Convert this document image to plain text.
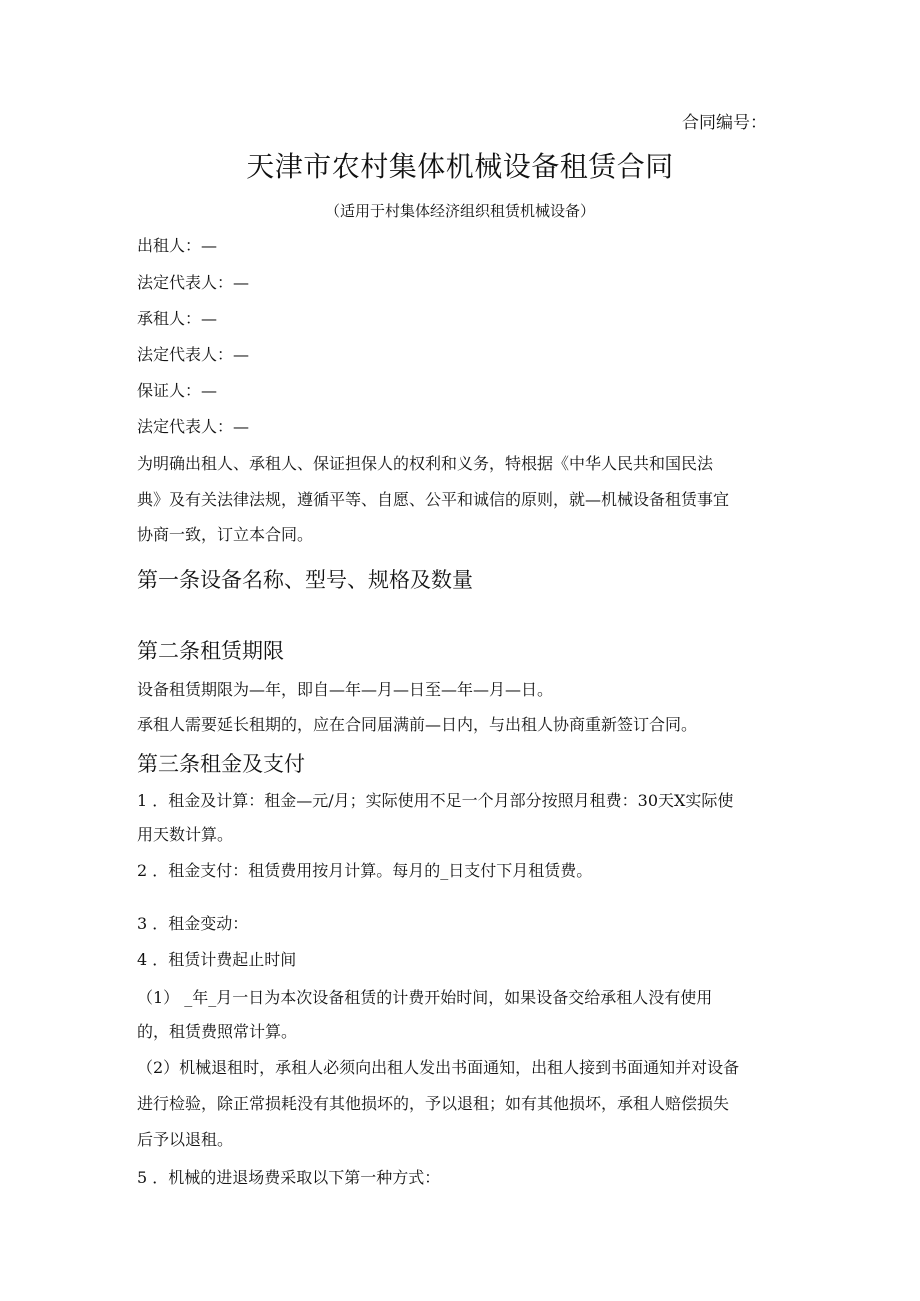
合同编号：
天津市农村集体机械设备租赁合同
（适用于村集体经济组织租赁机械设备）
出租人：—
法定代表人：—
承租人：—
法定代表人：—
保证人：—
法定代表人：—
为明确出租人、承租人、保证担保人的权利和义务，特根据《中华人民共和国民法
典》及有关法律法规，遵循平等、自愿、公平和诚信的原则，就—机械设备租赁事宜
协商一致，订立本合同。
第一条设备名称、型号、规格及数量
第二条租赁期限
设备租赁期限为—年，即自—年—月—日至—年—月—日。
承租人需要延长租期的，应在合同届满前—日内，与出租人协商重新签订合同。
第三条租金及支付
1 ．租金及计算：租金—元/月；实际使用不足一个月部分按照月租费：30天X实际使
用天数计算。
2 ．租金支付：租赁费用按月计算。每月的_日支付下月租赁费。
3 ．租金变动：
4 ．租赁计费起止时间
（1） _年_月一日为本次设备租赁的计费开始时间，如果设备交给承租人没有使用
的，租赁费照常计算。
（2）机械退租时，承租人必须向出租人发出书面通知，出租人接到书面通知并对设备
进行检验，除正常损耗没有其他损坏的，予以退租；如有其他损坏，承租人赔偿损失
后予以退租。
5 ．机械的进退场费采取以下第一种方式：
